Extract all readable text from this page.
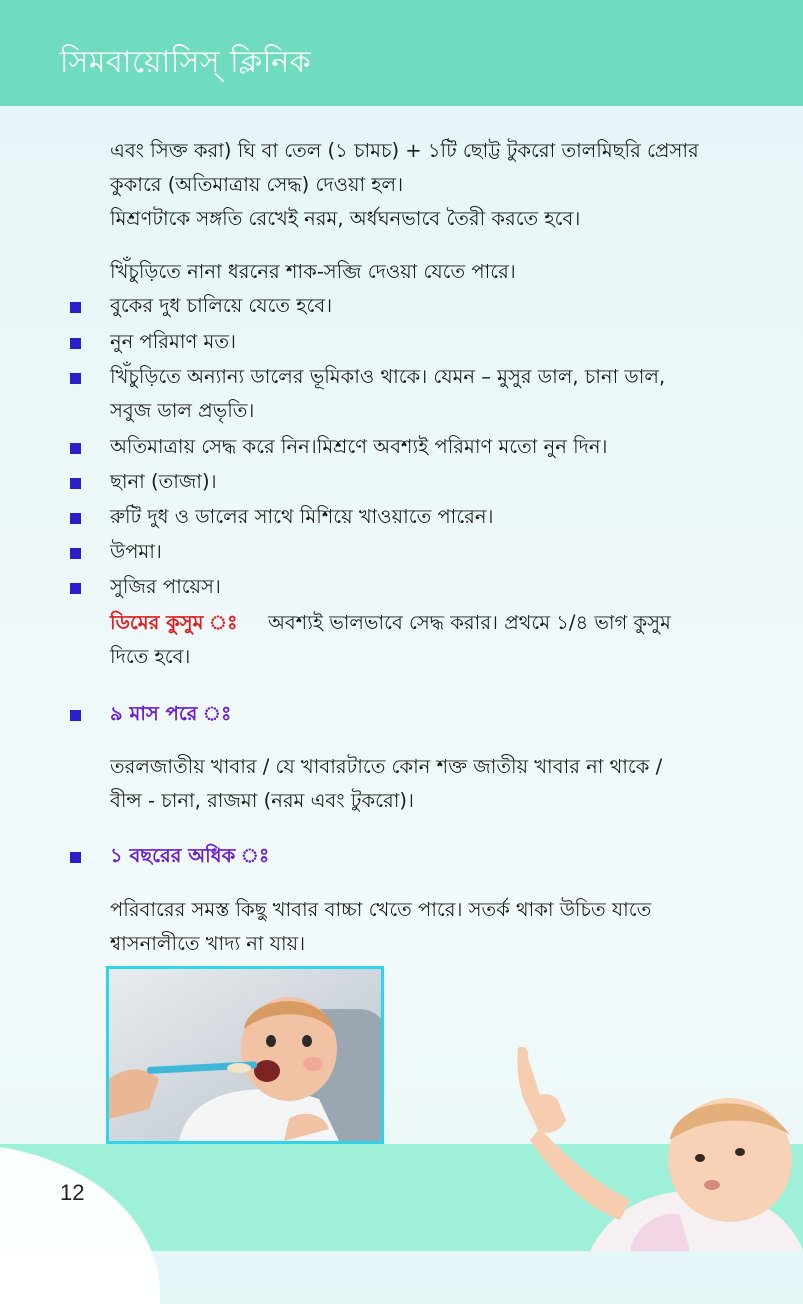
সিমবায়োসিস্ ক্লিনিক
এবং সিক্ত করা) ঘি বা তেল (১ চামচ) + ১টি ছোট্ট টুকরো তালমিছরি প্রেসার
কুকারে (অতিমাত্রায় সেদ্ধ) দেওয়া হল।
মিশ্রণটাকে সঙ্গতি রেখেই নরম, অর্ধঘনভাবে তৈরী করতে হবে।
খিঁচুড়িতে নানা ধরনের শাক-সব্জি দেওয়া যেতে পারে।
বুকের দুধ চালিয়ে যেতে হবে।
নুন পরিমাণ মত।
খিঁচুড়িতে অন্যান্য ডালের ভূমিকাও থাকে। যেমন – মুসুর ডাল, চানা ডাল,
সবুজ ডাল প্রভৃতি।
অতিমাত্রায় সেদ্ধ করে নিন।মিশ্রণে অবশ্যই পরিমাণ মতো নুন দিন।
ছানা (তাজা)।
রুটি দুধ ও ডালের সাথে মিশিয়ে খাওয়াতে পারেন।
উপমা।
সুজির পায়েস।
ডিমের কুসুম ঃ অবশ্যই ভালভাবে সেদ্ধ করার। প্রথমে ১/৪ ভাগ কুসুম
দিতে হবে।
৯ মাস পরে ঃ
তরলজাতীয় খাবার / যে খাবারটাতে কোন শক্ত জাতীয় খাবার না থাকে /
বীন্স - চানা, রাজমা (নরম এবং টুকরো)।
১ বছরের অধিক ঃ
পরিবারের সমস্ত কিছু খাবার বাচ্চা খেতে পারে। সতর্ক থাকা উচিত যাতে
শ্বাসনালীতে খাদ্য না যায়।
12
